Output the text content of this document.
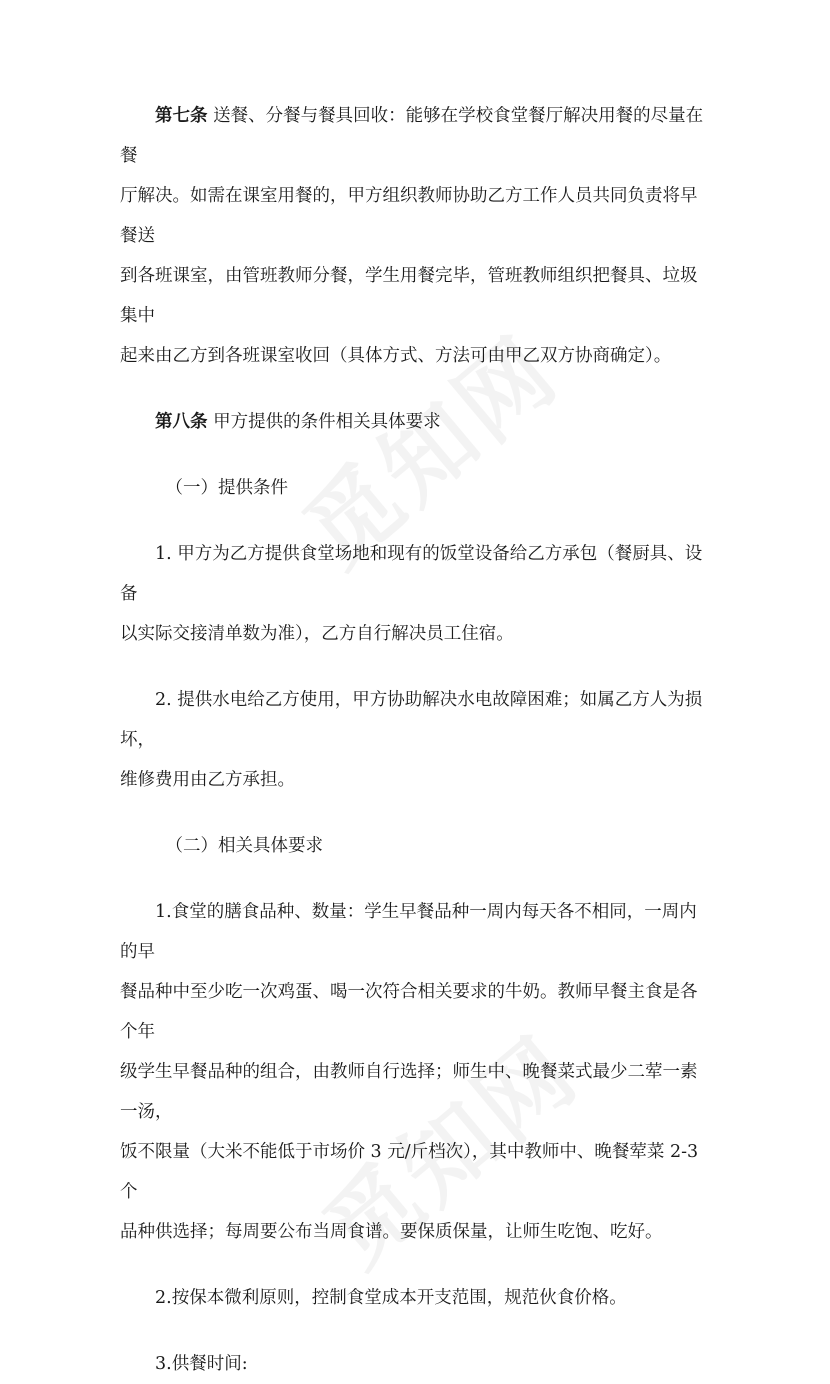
第七条 送餐、分餐与餐具回收：能够在学校食堂餐厅解决用餐的尽量在餐
厅解决。如需在课室用餐的，甲方组织教师协助乙方工作人员共同负责将早餐送
到各班课室，由管班教师分餐，学生用餐完毕，管班教师组织把餐具、垃圾集中
起来由乙方到各班课室收回（具体方式、方法可由甲乙双方协商确定）。

第八条 甲方提供的条件相关具体要求

（一）提供条件

1. 甲方为乙方提供食堂场地和现有的饭堂设备给乙方承包（餐厨具、设备
以实际交接清单数为准），乙方自行解决员工住宿。

2. 提供水电给乙方使用，甲方协助解决水电故障困难；如属乙方人为损坏，
维修费用由乙方承担。

（二）相关具体要求

1.食堂的膳食品种、数量：学生早餐品种一周内每天各不相同，一周内的早
餐品种中至少吃一次鸡蛋、喝一次符合相关要求的牛奶。教师早餐主食是各个年
级学生早餐品种的组合，由教师自行选择；师生中、晚餐菜式最少二荤一素一汤，
饭不限量（大米不能低于市场价 3 元/斤档次），其中教师中、晚餐荤菜 2-3 个
品种供选择；每周要公布当周食谱。要保质保量，让师生吃饱、吃好。

2.按保本微利原则，控制食堂成本开支范围，规范伙食价格。

3.供餐时间:
